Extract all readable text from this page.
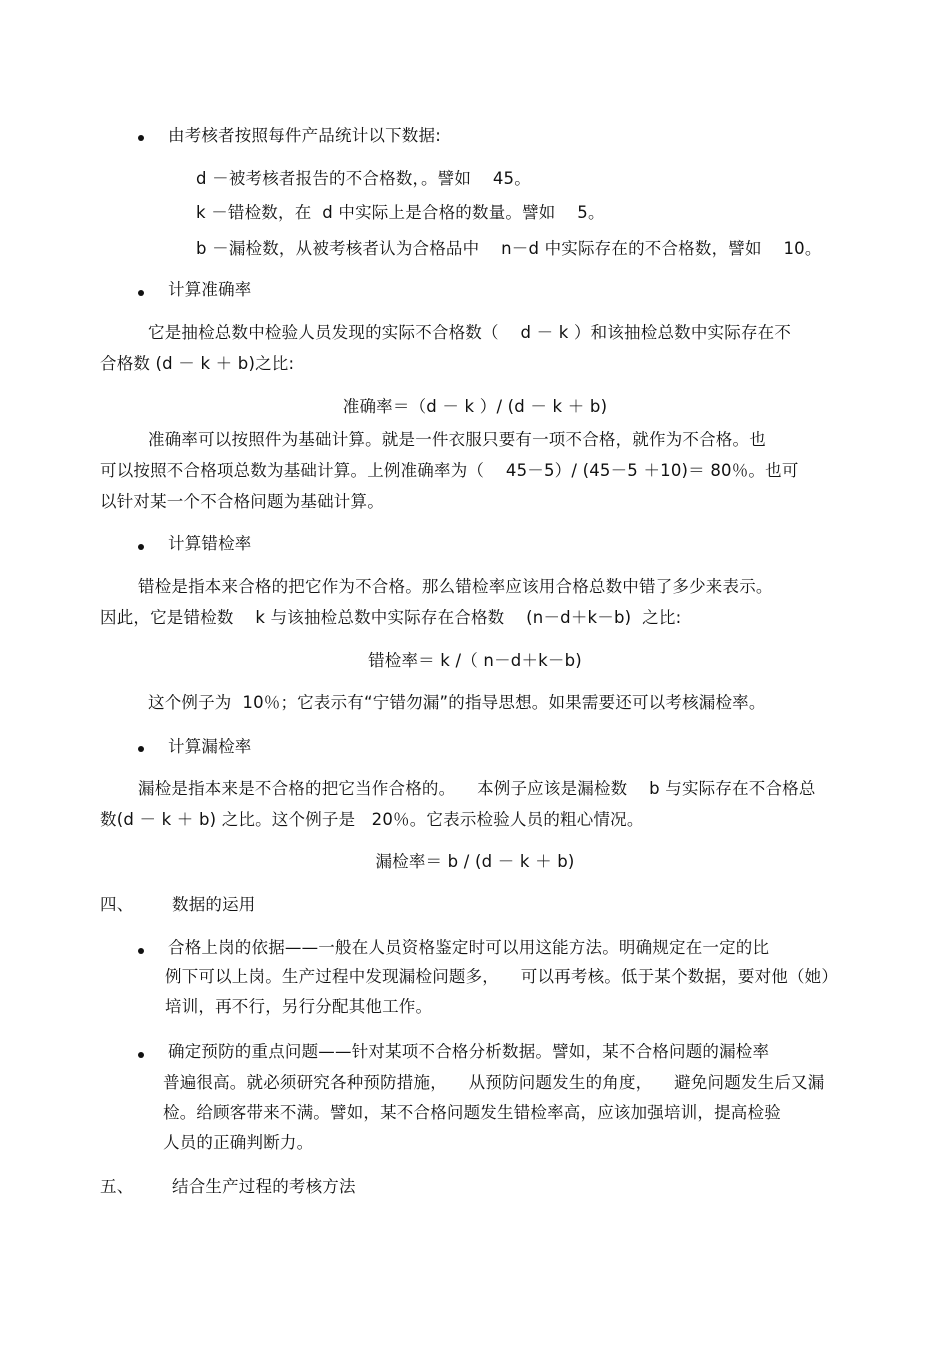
由考核者按照每件产品统计以下数据:
d －被考核者报告的不合格数，。譬如    45。
k －错检数，在  d 中实际上是合格的数量。譬如    5。
b －漏检数，从被考核者认为合格品中    n－d 中实际存在的不合格数，譬如    10。
计算准确率
它是抽检总数中检验人员发现的实际不合格数（    d － k ）和该抽检总数中实际存在不
合格数 (d － k ＋ b)之比:
准确率＝（d － k ）/ (d － k ＋ b)
准确率可以按照件为基础计算。就是一件衣服只要有一项不合格，就作为不合格。也
可以按照不合格项总数为基础计算。上例准确率为（    45－5）/ (45－5 ＋10)＝ 80％。也可
以针对某一个不合格问题为基础计算。
计算错检率
错检是指本来合格的把它作为不合格。那么错检率应该用合格总数中错了多少来表示。
因此，它是错检数    k 与该抽检总数中实际存在合格数    (n－d＋k－b)  之比:
错检率＝ k /（ n－d＋k－b)
这个例子为  10％；它表示有“宁错勿漏”的指导思想。如果需要还可以考核漏检率。
计算漏检率
漏检是指本来是不合格的把它当作合格的。    本例子应该是漏检数    b 与实际存在不合格总
数(d － k ＋ b) 之比。这个例子是   20％。它表示检验人员的粗心情况。
漏检率＝ b / (d － k ＋ b)
四、 数据的运用
合格上岗的依据——一般在人员资格鉴定时可以用这能方法。明确规定在一定的比
例下可以上岗。生产过程中发现漏检问题多，    可以再考核。低于某个数据，要对他（她）
培训，再不行，另行分配其他工作。
确定预防的重点问题——针对某项不合格分析数据。譬如，某不合格问题的漏检率
普遍很高。就必须研究各种预防措施，    从预防问题发生的角度，    避免问题发生后又漏
检。给顾客带来不满。譬如，某不合格问题发生错检率高，应该加强培训，提高检验
人员的正确判断力。
五、 结合生产过程的考核方法
